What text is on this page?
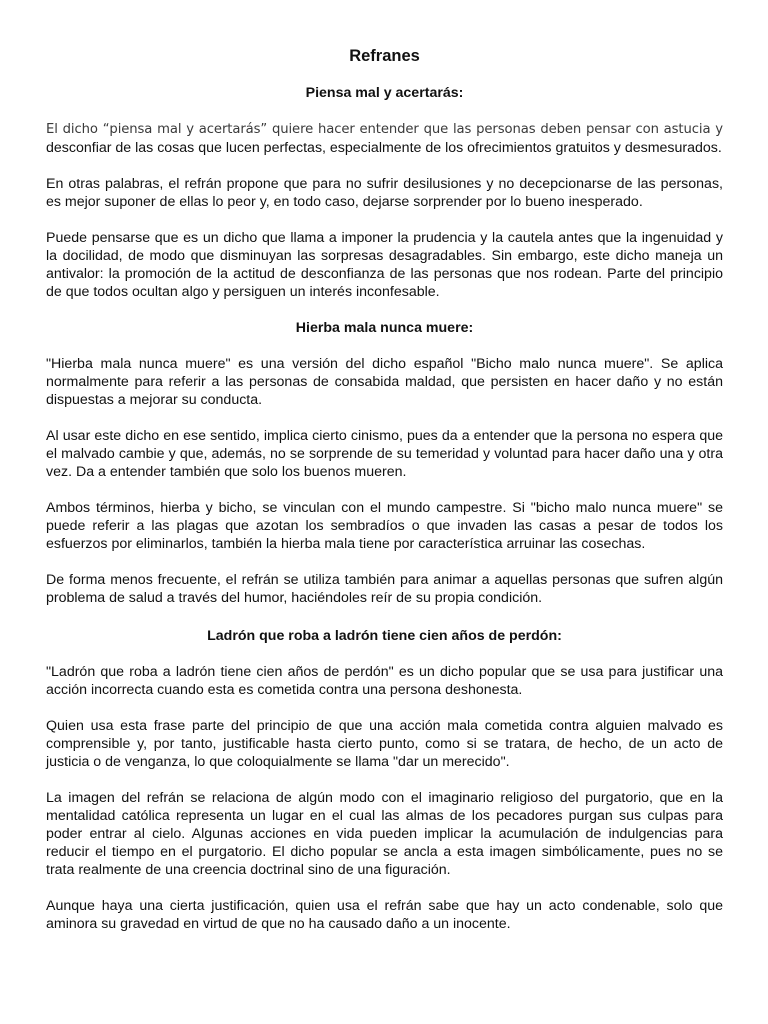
Refranes
Piensa mal y acertarás:

El dicho “piensa mal y acertarás” quiere hacer entender que las personas deben pensar con astucia y desconfiar de las cosas que lucen perfectas, especialmente de los ofrecimientos gratuitos y desmesurados.

En otras palabras, el refrán propone que para no sufrir desilusiones y no decepcionarse de las personas, es mejor suponer de ellas lo peor y, en todo caso, dejarse sorprender por lo bueno inesperado.

Puede pensarse que es un dicho que llama a imponer la prudencia y la cautela antes que la ingenuidad y la docilidad, de modo que disminuyan las sorpresas desagradables. Sin embargo, este dicho maneja un antivalor: la promoción de la actitud de desconfianza de las personas que nos rodean. Parte del principio de que todos ocultan algo y persiguen un interés inconfesable.

Hierba mala nunca muere:

"Hierba mala nunca muere" es una versión del dicho español "Bicho malo nunca muere". Se aplica normalmente para referir a las personas de consabida maldad, que persisten en hacer daño y no están dispuestas a mejorar su conducta.

Al usar este dicho en ese sentido, implica cierto cinismo, pues da a entender que la persona no espera que el malvado cambie y que, además, no se sorprende de su temeridad y voluntad para hacer daño una y otra vez. Da a entender también que solo los buenos mueren.

Ambos términos, hierba y bicho, se vinculan con el mundo campestre. Si "bicho malo nunca muere" se puede referir a las plagas que azotan los sembradíos o que invaden las casas a pesar de todos los esfuerzos por eliminarlos, también la hierba mala tiene por característica arruinar las cosechas.

De forma menos frecuente, el refrán se utiliza también para animar a aquellas personas que sufren algún problema de salud a través del humor, haciéndoles reír de su propia condición.

Ladrón que roba a ladrón tiene cien años de perdón:

"Ladrón que roba a ladrón tiene cien años de perdón" es un dicho popular que se usa para justificar una acción incorrecta cuando esta es cometida contra una persona deshonesta.

Quien usa esta frase parte del principio de que una acción mala cometida contra alguien malvado es comprensible y, por tanto, justificable hasta cierto punto, como si se tratara, de hecho, de un acto de justicia o de venganza, lo que coloquialmente se llama "dar un merecido".

La imagen del refrán se relaciona de algún modo con el imaginario religioso del purgatorio, que en la mentalidad católica representa un lugar en el cual las almas de los pecadores purgan sus culpas para poder entrar al cielo. Algunas acciones en vida pueden implicar la acumulación de indulgencias para reducir el tiempo en el purgatorio. El dicho popular se ancla a esta imagen simbólicamente, pues no se trata realmente de una creencia doctrinal sino de una figuración.

Aunque haya una cierta justificación, quien usa el refrán sabe que hay un acto condenable, solo que aminora su gravedad en virtud de que no ha causado daño a un inocente.
